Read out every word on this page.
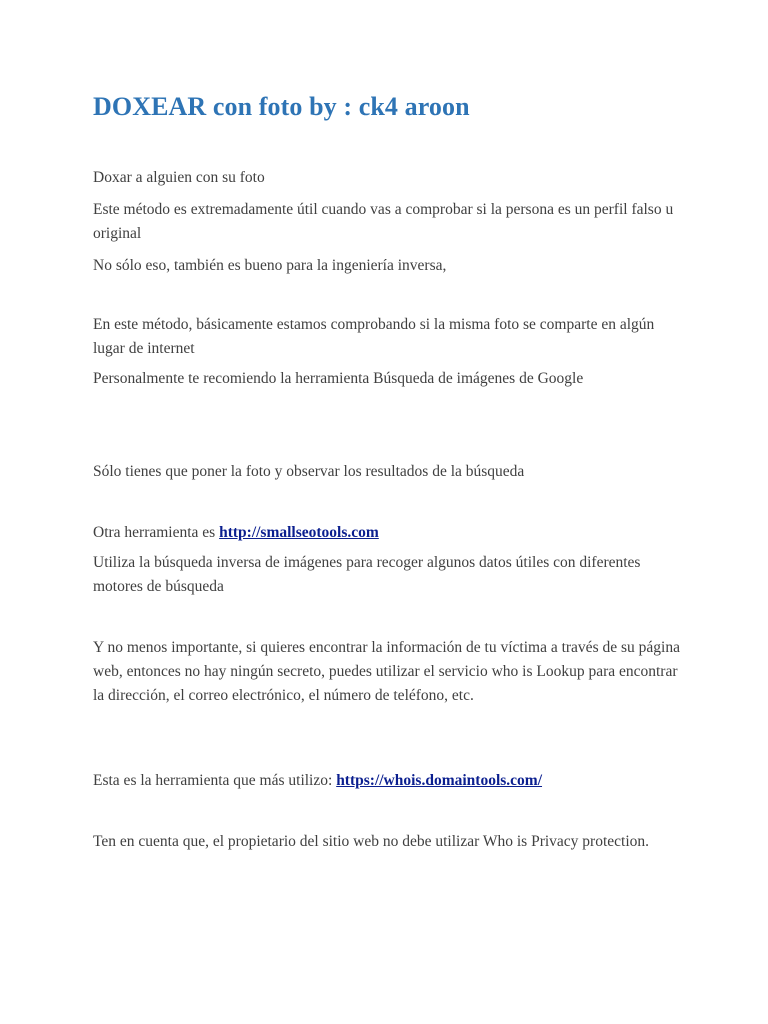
DOXEAR con foto by : ck4 aroon

Doxar a alguien con su foto

Este método es extremadamente útil cuando vas a comprobar si la persona es un perfil falso u original

No sólo eso, también es bueno para la ingeniería inversa,

En este método, básicamente estamos comprobando si la misma foto se comparte en algún lugar de internet

Personalmente te recomiendo la herramienta Búsqueda de imágenes de Google

Sólo tienes que poner la foto y observar los resultados de la búsqueda

Otra herramienta es http://smallseotools.com

Utiliza la búsqueda inversa de imágenes para recoger algunos datos útiles con diferentes motores de búsqueda

Y no menos importante, si quieres encontrar la información de tu víctima a través de su página web, entonces no hay ningún secreto, puedes utilizar el servicio who is Lookup para encontrar la dirección, el correo electrónico, el número de teléfono, etc.

Esta es la herramienta que más utilizo: https://whois.domaintools.com/

Ten en cuenta que, el propietario del sitio web no debe utilizar Who is Privacy protection.
